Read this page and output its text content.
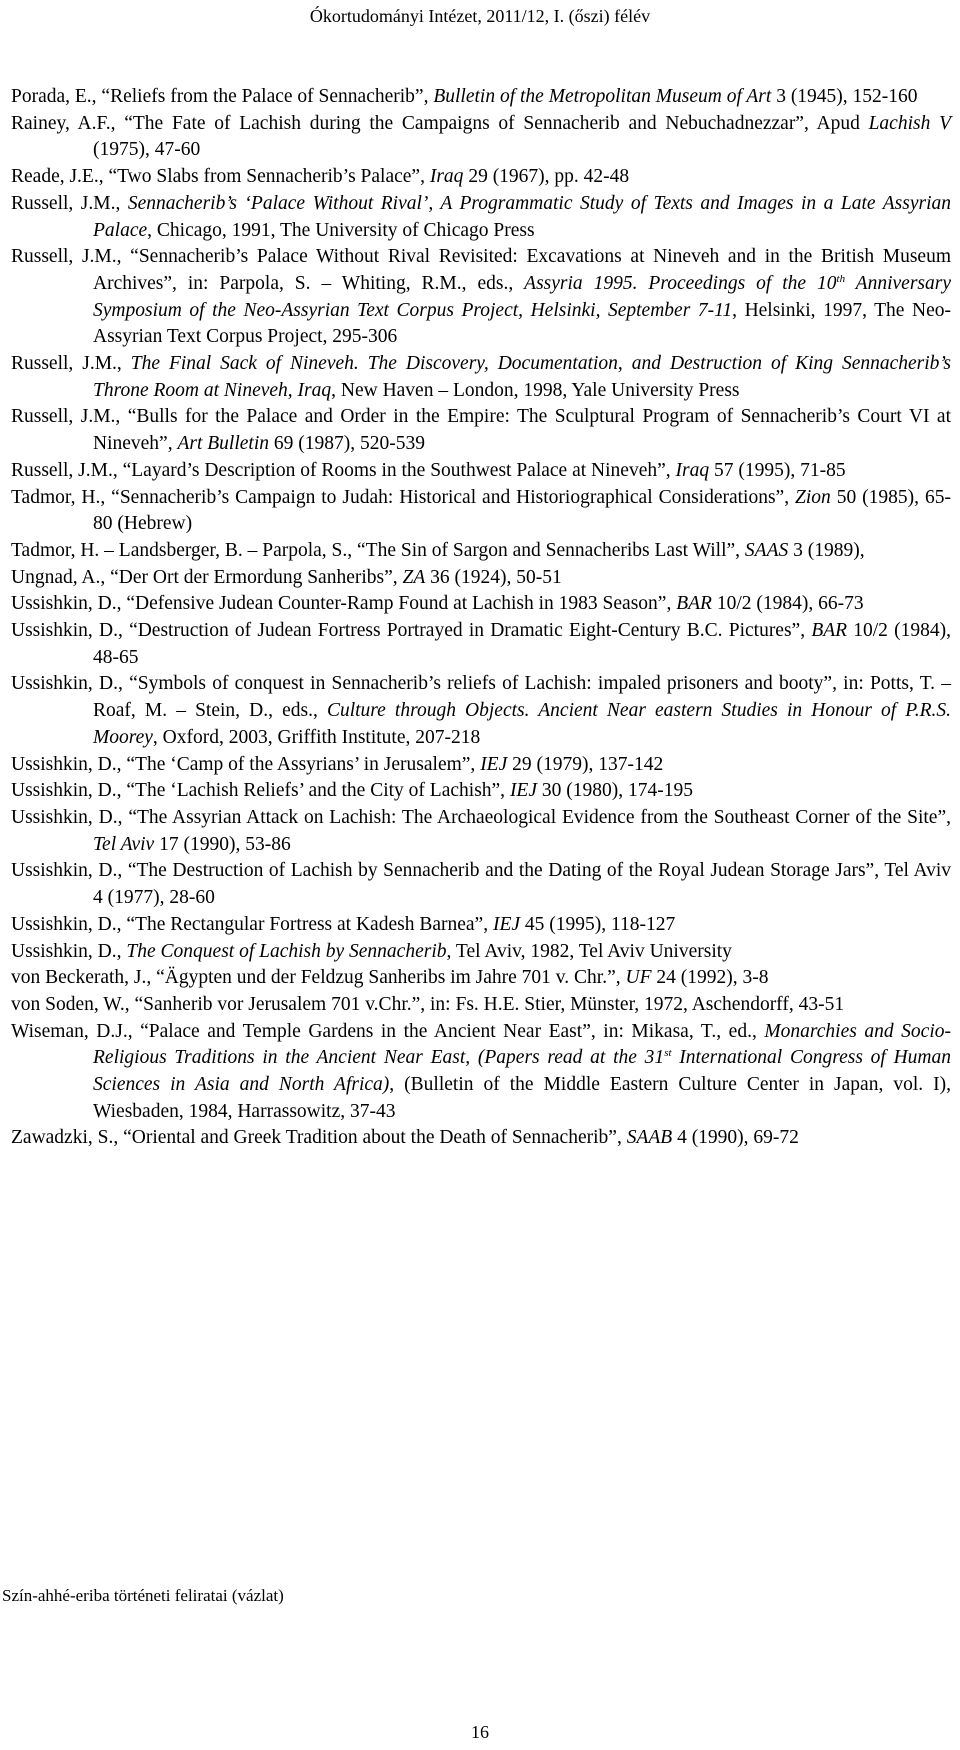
Ókortudományi Intézet, 2011/12, I. (őszi) félév
Porada, E., “Reliefs from the Palace of Sennacherib”, Bulletin of the Metropolitan Museum of Art 3 (1945), 152-160
Rainey, A.F., “The Fate of Lachish during the Campaigns of Sennacherib and Nebuchadnezzar”, Apud Lachish V (1975), 47-60
Reade, J.E., “Two Slabs from Sennacherib’s Palace”, Iraq 29 (1967), pp. 42-48
Russell, J.M., Sennacherib’s ‘Palace Without Rival’, A Programmatic Study of Texts and Images in a Late Assyrian Palace, Chicago, 1991, The University of Chicago Press
Russell, J.M., “Sennacherib’s Palace Without Rival Revisited: Excavations at Nineveh and in the British Museum Archives”, in: Parpola, S. – Whiting, R.M., eds., Assyria 1995. Proceedings of the 10th Anniversary Symposium of the Neo-Assyrian Text Corpus Project, Helsinki, September 7-11, Helsinki, 1997, The Neo-Assyrian Text Corpus Project, 295-306
Russell, J.M., The Final Sack of Nineveh. The Discovery, Documentation, and Destruction of King Sennacherib’s Throne Room at Nineveh, Iraq, New Haven – London, 1998, Yale University Press
Russell, J.M., “Bulls for the Palace and Order in the Empire: The Sculptural Program of Sennacherib’s Court VI at Nineveh”, Art Bulletin 69 (1987), 520-539
Russell, J.M., “Layard’s Description of Rooms in the Southwest Palace at Nineveh”, Iraq 57 (1995), 71-85
Tadmor, H., “Sennacherib’s Campaign to Judah: Historical and Historiographical Considerations”, Zion 50 (1985), 65-80 (Hebrew)
Tadmor, H. – Landsberger, B. – Parpola, S., “The Sin of Sargon and Sennacheribs Last Will”, SAAS 3 (1989),
Ungnad, A., “Der Ort der Ermordung Sanheribs”, ZA 36 (1924), 50-51
Ussishkin, D., “Defensive Judean Counter-Ramp Found at Lachish in 1983 Season”, BAR 10/2 (1984), 66-73
Ussishkin, D., “Destruction of Judean Fortress Portrayed in Dramatic Eight-Century B.C. Pictures”, BAR 10/2 (1984), 48-65
Ussishkin, D., “Symbols of conquest in Sennacherib’s reliefs of Lachish: impaled prisoners and booty”, in: Potts, T. – Roaf, M. – Stein, D., eds., Culture through Objects. Ancient Near eastern Studies in Honour of P.R.S. Moorey, Oxford, 2003, Griffith Institute, 207-218
Ussishkin, D., “The ‘Camp of the Assyrians’ in Jerusalem”, IEJ 29 (1979), 137-142
Ussishkin, D., “The ‘Lachish Reliefs’ and the City of Lachish”, IEJ 30 (1980), 174-195
Ussishkin, D., “The Assyrian Attack on Lachish: The Archaeological Evidence from the Southeast Corner of the Site”, Tel Aviv 17 (1990), 53-86
Ussishkin, D., “The Destruction of Lachish by Sennacherib and the Dating of the Royal Judean Storage Jars”, Tel Aviv 4 (1977), 28-60
Ussishkin, D., “The Rectangular Fortress at Kadesh Barnea”, IEJ 45 (1995), 118-127
Ussishkin, D., The Conquest of Lachish by Sennacherib, Tel Aviv, 1982, Tel Aviv University
von Beckerath, J., “Ägypten und der Feldzug Sanheribs im Jahre 701 v. Chr.”, UF 24 (1992), 3-8
von Soden, W., “Sanherib vor Jerusalem 701 v.Chr.”, in: Fs. H.E. Stier, Münster, 1972, Aschendorff, 43-51
Wiseman, D.J., “Palace and Temple Gardens in the Ancient Near East”, in: Mikasa, T., ed., Monarchies and Socio-Religious Traditions in the Ancient Near East, (Papers read at the 31st International Congress of Human Sciences in Asia and North Africa), (Bulletin of the Middle Eastern Culture Center in Japan, vol. I), Wiesbaden, 1984, Harrassowitz, 37-43
Zawadzki, S., “Oriental and Greek Tradition about the Death of Sennacherib”, SAAB 4 (1990), 69-72
Szín-ahhé-eriba történeti feliratai (vázlat)
16
